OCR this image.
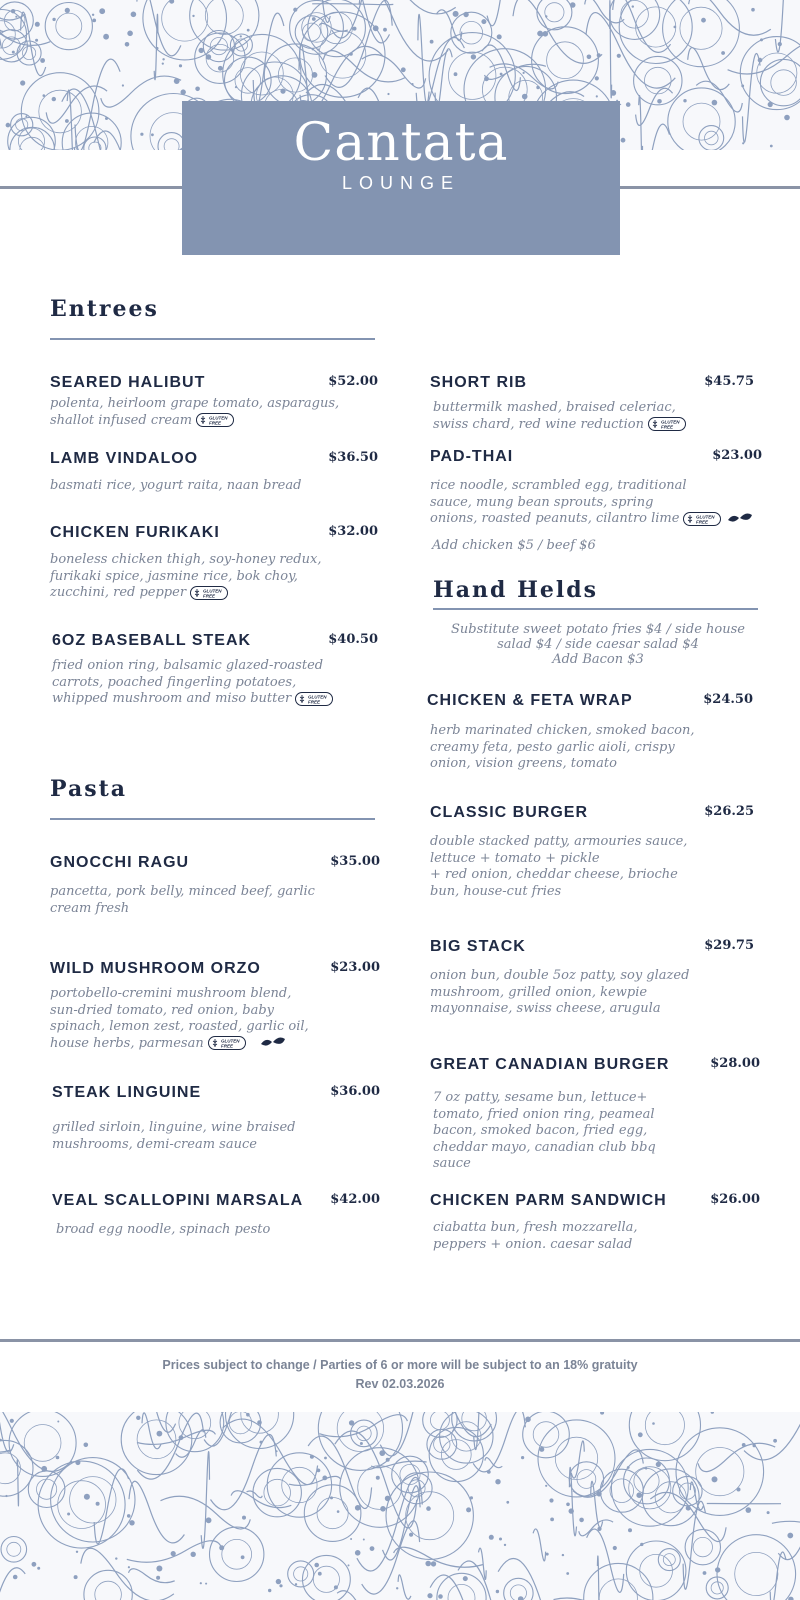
Cantata
LOUNGE
Entrees
Pasta
Hand Helds
SEARED HALIBUT	$52.00
polenta, heirloom grape tomato, asparagus,
shallot infused cream	GLUTEN
FREE
LAMB VINDALOO	$36.50
basmati rice, yogurt raita, naan bread
CHICKEN FURIKAKI	$32.00
boneless chicken thigh, soy-honey redux,
furikaki spice, jasmine rice, bok choy,
zucchini, red pepper	GLUTEN
FREE
6OZ BASEBALL STEAK	$40.50
fried onion ring, balsamic glazed-roasted
carrots, poached fingerling potatoes,
whipped mushroom and miso butter	GLUTEN
FREE
GNOCCHI RAGU	$35.00
pancetta, pork belly, minced beef, garlic
cream fresh
WILD MUSHROOM ORZO	$23.00
portobello-cremini mushroom blend,
sun-dried tomato, red onion, baby
spinach, lemon zest, roasted, garlic oil,
house herbs, parmesan	GLUTEN
FREE
STEAK LINGUINE	$36.00
grilled sirloin, linguine, wine braised
mushrooms, demi-cream sauce
VEAL SCALLOPINI MARSALA $42.00
broad egg noodle, spinach pesto
SHORT RIB	$45.75
buttermilk mashed, braised celeriac,
swiss chard, red wine reduction	GLUTEN
FREE
PAD-THAI	$23.00
rice noodle, scrambled egg, traditional
sauce, mung bean sprouts, spring
onions, roasted peanuts, cilantro lime	GLUTEN
FREE
Add chicken $5 / beef $6
Substitute sweet potato fries $4 / side house
salad $4 / side caesar salad $4
Add Bacon $3
CHICKEN & FETA WRAP	$24.50
herb marinated chicken, smoked bacon,
creamy feta, pesto garlic aioli, crispy
onion, vision greens, tomato
CLASSIC BURGER	$26.25
double stacked patty, armouries sauce,
lettuce + tomato + pickle
+ red onion, cheddar cheese, brioche
bun, house-cut fries
BIG STACK	$29.75
onion bun, double 5oz patty, soy glazed
mushroom, grilled onion, kewpie
mayonnaise, swiss cheese, arugula
GREAT CANADIAN BURGER	$28.00
7 oz patty, sesame bun, lettuce+
tomato, fried onion ring, peameal
bacon, smoked bacon, fried egg,
cheddar mayo, canadian club bbq
sauce
CHICKEN PARM SANDWICH	$26.00
ciabatta bun, fresh mozzarella,
peppers + onion. caesar salad
Prices subject to change / Parties of 6 or more will be subject to an 18% gratuity
Rev 02.03.2026
